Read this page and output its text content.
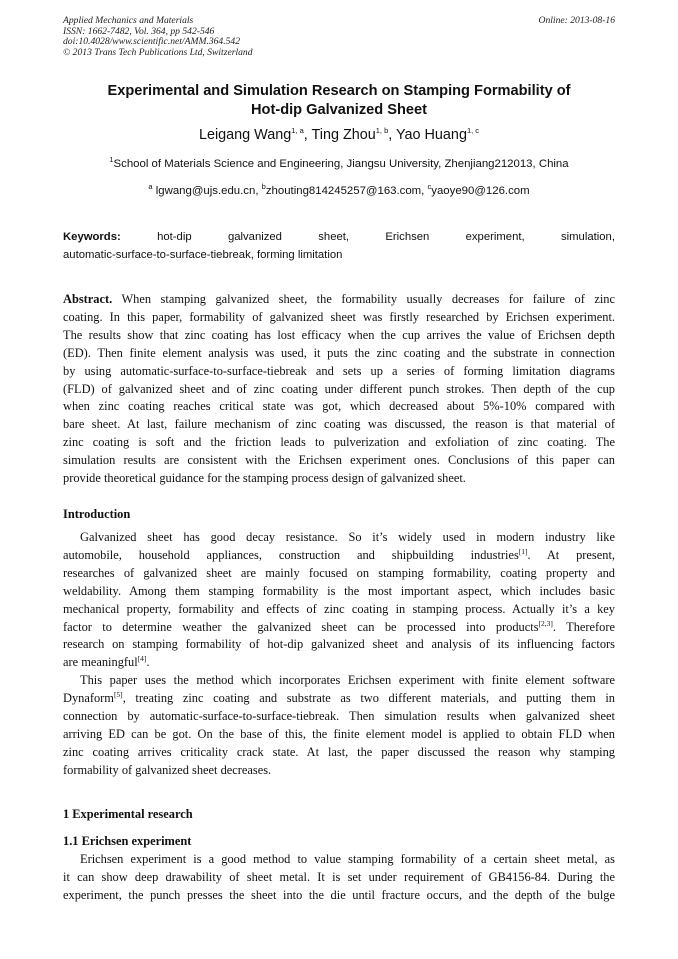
Applied Mechanics and Materials
ISSN: 1662-7482, Vol. 364, pp 542-546
doi:10.4028/www.scientific.net/AMM.364.542
© 2013 Trans Tech Publications Ltd, Switzerland
Online: 2013-08-16
Experimental and Simulation Research on Stamping Formability of
Hot-dip Galvanized Sheet
Leigang Wang$^{1, a}$, Ting Zhou$^{1, b}$, Yao Huang$^{1, c}$
$^1$School of Materials Science and Engineering, Jiangsu University, Zhenjiang212013, China
$^a$ lgwang@ujs.edu.cn, $^b$zhouting814245257@163.com, $^c$yaoye90@126.com
Keywords:	hot-dip	galvanized	sheet,	Erichsen	experiment,	simulation,
automatic-surface-to-surface-tiebreak, forming limitation

Abstract. When stamping galvanized sheet, the formability usually decreases for failure of zinc

coating. In this paper, formability of galvanized sheet was firstly researched by Erichsen experiment.

The results show that zinc coating has lost efficacy when the cup arrives the value of Erichsen depth

(ED). Then finite element analysis was used, it puts the zinc coating and the substrate in connection

by using automatic-surface-to-surface-tiebreak and sets up a series of forming limitation diagrams

(FLD) of galvanized sheet and of zinc coating under different punch strokes. Then depth of the cup

when zinc coating reaches critical state was got, which decreased about 5%-10% compared with

bare sheet. At last, failure mechanism of zinc coating was discussed, the reason is that material of

zinc coating is soft and the friction leads to pulverization and exfoliation of zinc coating. The

simulation results are consistent with the Erichsen experiment ones. Conclusions of this paper can

provide theoretical guidance for the stamping process design of galvanized sheet.

Introduction

Galvanized sheet has good decay resistance. So it’s widely used in modern industry like

automobile, household appliances, construction and shipbuilding industries[1]. At present,

researches of galvanized sheet are mainly focused on stamping formability, coating property and

weldability. Among them stamping formability is the most important aspect, which includes basic

mechanical property, formability and effects of zinc coating in stamping process. Actually it’s a key

factor to determine weather the galvanized sheet can be processed into products[2,3]. Therefore

research on stamping formability of hot-dip galvanized sheet and analysis of its influencing factors

are meaningful[4].

This paper uses the method which incorporates Erichsen experiment with finite element software

Dynaform[5], treating zinc coating and substrate as two different materials, and putting them in

connection by automatic-surface-to-surface-tiebreak. Then simulation results when galvanized sheet

arriving ED can be got. On the base of this, the finite element model is applied to obtain FLD when

zinc coating arrives criticality crack state. At last, the paper discussed the reason why stamping

formability of galvanized sheet decreases.

1 Experimental research
1.1 Erichsen experiment

Erichsen experiment is a good method to value stamping formability of a certain sheet metal, as

it can show deep drawability of sheet metal. It is set under requirement of GB4156-84. During the

experiment, the punch presses the sheet into the die until fracture occurs, and the depth of the bulge
